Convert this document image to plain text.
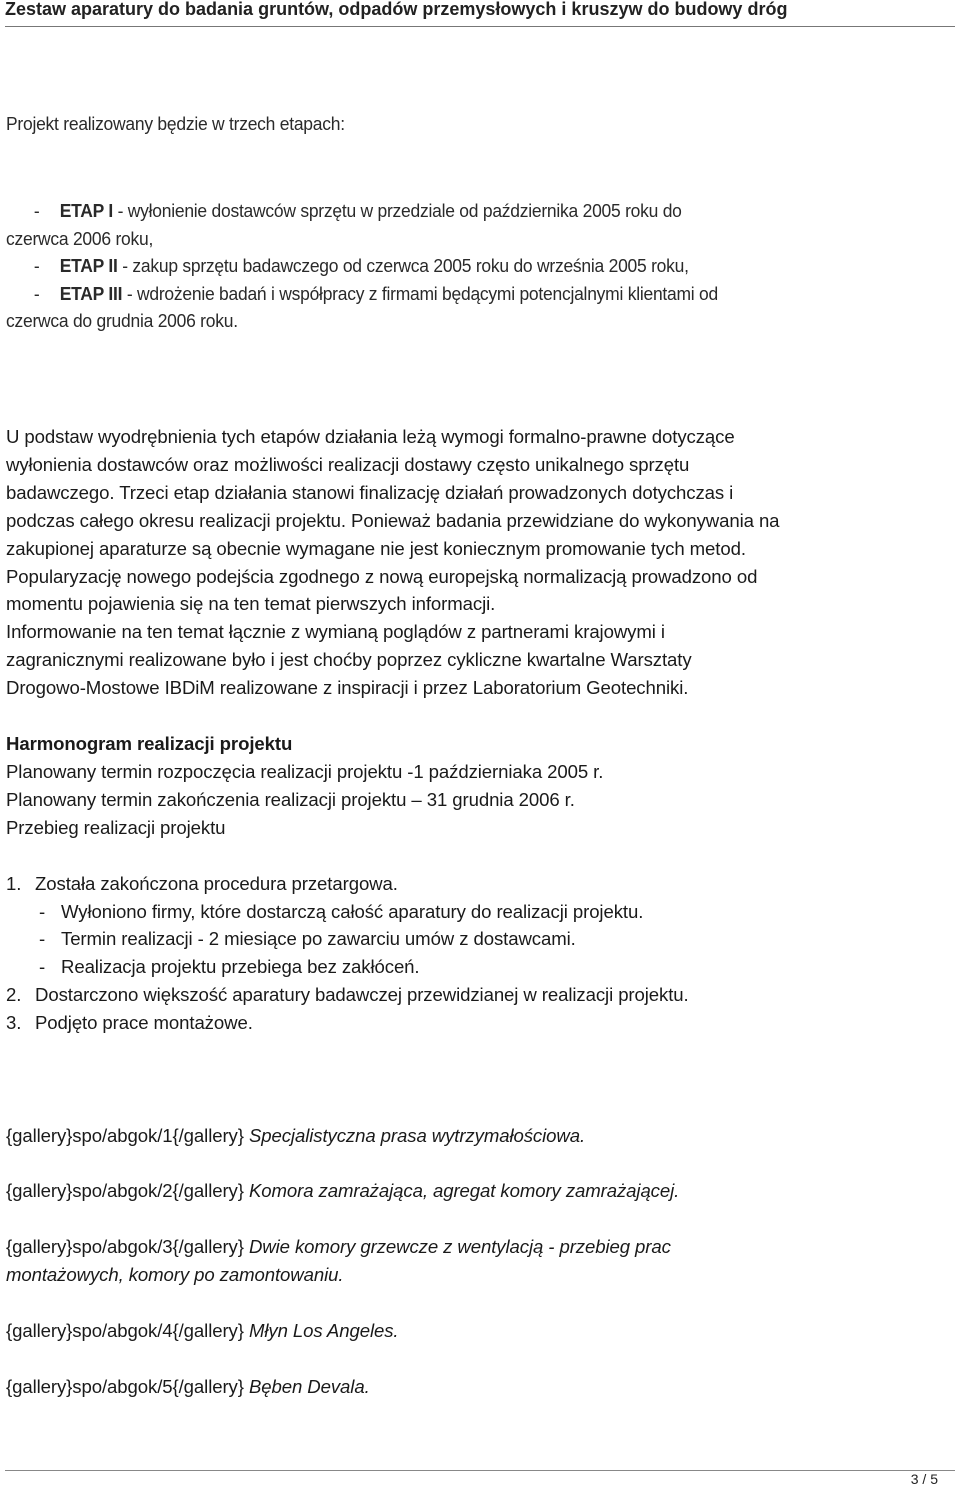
Zestaw aparatury do badania gruntów, odpadów przemysłowych i kruszyw do budowy dróg

Projekt realizowany będzie w trzech etapach:

- ETAP I - wyłonienie dostawców sprzętu w przedziale od października 2005 roku do
czerwca 2006 roku,
- ETAP II - zakup sprzętu badawczego od czerwca 2005 roku do września 2005 roku,
- ETAP III - wdrożenie badań i współpracy z firmami będącymi potencjalnymi klientami od
czerwca do grudnia 2006 roku.
U podstaw wyodrębnienia tych etapów działania leżą wymogi formalno-prawne dotyczące
wyłonienia dostawców oraz możliwości realizacji dostawy często unikalnego sprzętu
badawczego. Trzeci etap działania stanowi finalizację działań prowadzonych dotychczas i
podczas całego okresu realizacji projektu. Ponieważ badania przewidziane do wykonywania na
zakupionej aparaturze są obecnie wymagane nie jest koniecznym promowanie tych metod.
Popularyzację nowego podejścia zgodnego z nową europejską normalizacją prowadzono od
momentu pojawienia się na ten temat pierwszych informacji.
Informowanie na ten temat łącznie z wymianą poglądów z partnerami krajowymi i
zagranicznymi realizowane było i jest choćby poprzez cykliczne kwartalne Warsztaty
Drogowo-Mostowe IBDiM realizowane z inspiracji i przez Laboratorium Geotechniki.
Harmonogram realizacji projektu
Planowany termin rozpoczęcia realizacji projektu -1 październiaka 2005 r.
Planowany termin zakończenia realizacji projektu – 31 grudnia 2006 r.
Przebieg realizacji projektu
1. Została zakończona procedura przetargowa.
- Wyłoniono firmy, które dostarczą całość aparatury do realizacji projektu.
- Termin realizacji - 2 miesiące po zawarciu umów z dostawcami.
- Realizacja projektu przebiega bez zakłóceń.
2. Dostarczono większość aparatury badawczej przewidzianej w realizacji projektu.
3. Podjęto prace montażowe.

{gallery}spo/abgok/1{/gallery} Specjalistyczna prasa wytrzymałościowa.

{gallery}spo/abgok/2{/gallery} Komora zamrażająca, agregat komory zamrażającej.

{gallery}spo/abgok/3{/gallery} Dwie komory grzewcze z wentylacją - przebieg prac
montażowych, komory po zamontowaniu.

{gallery}spo/abgok/4{/gallery} Młyn Los Angeles.

{gallery}spo/abgok/5{/gallery} Bęben Devala.

3 / 5
